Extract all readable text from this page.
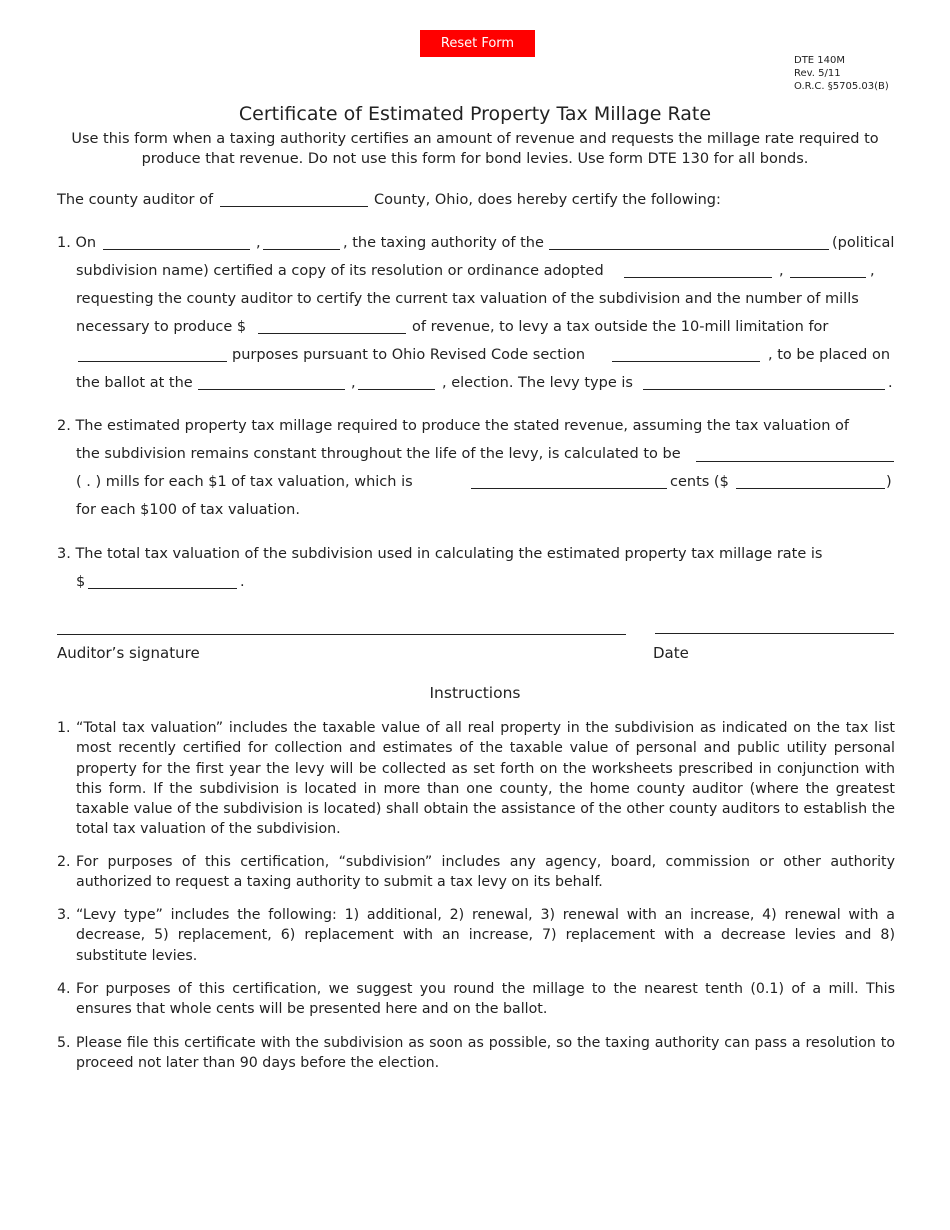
Reset Form
DTE 140M
Rev. 5/11
O.R.C. §5705.03(B)
Certificate of Estimated Property Tax Millage Rate
Use this form when a taxing authority certifies an amount of revenue and requests the millage rate required to produce that revenue. Do not use this form for bond levies. Use form DTE 130 for all bonds.
The county auditor of	County, Ohio, does hereby certify the following:
1. On	,	, the taxing authority of the	(political
subdivision name) certified a copy of its resolution or ordinance adopted	,	,
requesting the county auditor to certify the current tax valuation of the subdivision and the number of mills
necessary to produce $	of revenue, to levy a tax outside the 10-mill limitation for
purposes pursuant to Ohio Revised Code section	, to be placed on
the ballot at the	,	, election. The levy type is	.
2. The estimated property tax millage required to produce the stated revenue, assuming the tax valuation of
the subdivision remains constant throughout the life of the levy, is calculated to be
( . ) mills for each $1 of tax valuation, which is	cents ($	)
for each $100 of tax valuation.
3. The total tax valuation of the subdivision used in calculating the estimated property tax millage rate is
$	.
Auditor’s signature	Date
Instructions
1. “Total tax valuation” includes the taxable value of all real property in the subdivision as indicated on the tax list most recently certified for collection and estimates of the taxable value of personal and public utility personal property for the first year the levy will be collected as set forth on the worksheets prescribed in conjunction with this form. If the subdivision is located in more than one county, the home county auditor (where the greatest taxable value of the subdivision is located) shall obtain the assistance of the other county auditors to establish the total tax valuation of the subdivision.
2. For purposes of this certification, “subdivision” includes any agency, board, commission or other authority authorized to request a taxing authority to submit a tax levy on its behalf.
3. “Levy type” includes the following: 1) additional, 2) renewal, 3) renewal with an increase, 4) renewal with a decrease, 5) replacement, 6) replacement with an increase, 7) replacement with a decrease levies and 8) substitute levies.
4. For purposes of this certification, we suggest you round the millage to the nearest tenth (0.1) of a mill. This ensures that whole cents will be presented here and on the ballot.
5. Please file this certificate with the subdivision as soon as possible, so the taxing authority can pass a resolution to proceed not later than 90 days before the election.
